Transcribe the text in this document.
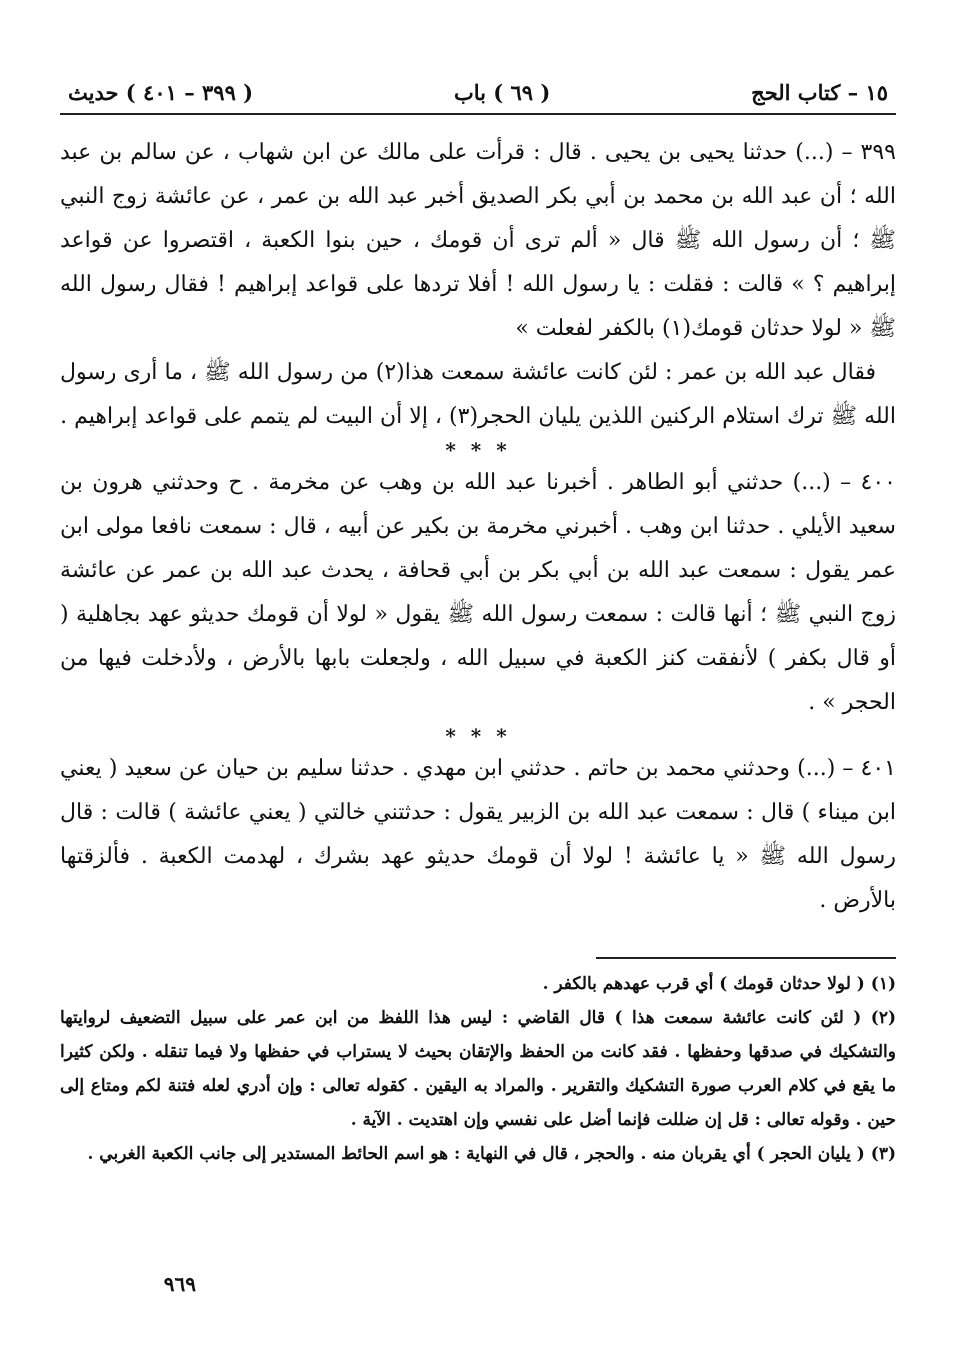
١٥ – كتاب الحج
( ٦٩ ) باب
( ٣٩٩ – ٤٠١ ) حديث

٣٩٩ – (...) حدثنا يحيى بن يحيى . قال : قرأت على مالك عن ابن شهاب ، عن سالم بن عبد الله ؛ أن عبد الله بن محمد بن أبي بكر الصديق أخبر عبد الله بن عمر ، عن عائشة زوج النبي ﷺ ؛ أن رسول الله ﷺ قال « ألم ترى أن قومك ، حين بنوا الكعبة ، اقتصروا عن قواعد إبراهيم ؟ » قالت : فقلت : يا رسول الله ! أفلا تردها على قواعد إبراهيم ! فقال رسول الله ﷺ « لولا حدثان قومك(١) بالكفر لفعلت »

فقال عبد الله بن عمر : لئن كانت عائشة سمعت هذا(٢) من رسول الله ﷺ ، ما أرى رسول الله ﷺ ترك استلام الركنين اللذين يليان الحجر(٣) ، إلا أن البيت لم يتمم على قواعد إبراهيم .

* * *

٤٠٠ – (...) حدثني أبو الطاهر . أخبرنا عبد الله بن وهب عن مخرمة . ح وحدثني هرون بن سعيد الأيلي . حدثنا ابن وهب . أخبرني مخرمة بن بكير عن أبيه ، قال : سمعت نافعا مولى ابن عمر يقول : سمعت عبد الله بن أبي بكر بن أبي قحافة ، يحدث عبد الله بن عمر عن عائشة زوج النبي ﷺ ؛ أنها قالت : سمعت رسول الله ﷺ يقول « لولا أن قومك حديثو عهد بجاهلية ( أو قال بكفر ) لأنفقت كنز الكعبة في سبيل الله ، ولجعلت بابها بالأرض ، ولأدخلت فيها من الحجر » .

* * *

٤٠١ – (...) وحدثني محمد بن حاتم . حدثني ابن مهدي . حدثنا سليم بن حيان عن سعيد ( يعني ابن ميناء ) قال : سمعت عبد الله بن الزبير يقول : حدثتني خالتي ( يعني عائشة ) قالت : قال رسول الله ﷺ « يا عائشة ! لولا أن قومك حديثو عهد بشرك ، لهدمت الكعبة . فألزقتها بالأرض .

(١) ( لولا حدثان قومك ) أي قرب عهدهم بالكفر .

(٢) ( لئن كانت عائشة سمعت هذا ) قال القاضي : ليس هذا اللفظ من ابن عمر على سبيل التضعيف لروايتها والتشكيك في صدقها وحفظها . فقد كانت من الحفظ والإتقان بحيث لا يستراب في حفظها ولا فيما تنقله . ولكن كثيرا ما يقع في كلام العرب صورة التشكيك والتقرير . والمراد به اليقين . كقوله تعالى : وإن أدري لعله فتنة لكم ومتاع إلى حين . وقوله تعالى : قل إن ضللت فإنما أضل على نفسي وإن اهتديت . الآية .

(٣) ( يليان الحجر ) أي يقربان منه . والحجر ، قال في النهاية : هو اسم الحائط المستدير إلى جانب الكعبة الغربي .

٩٦٩
